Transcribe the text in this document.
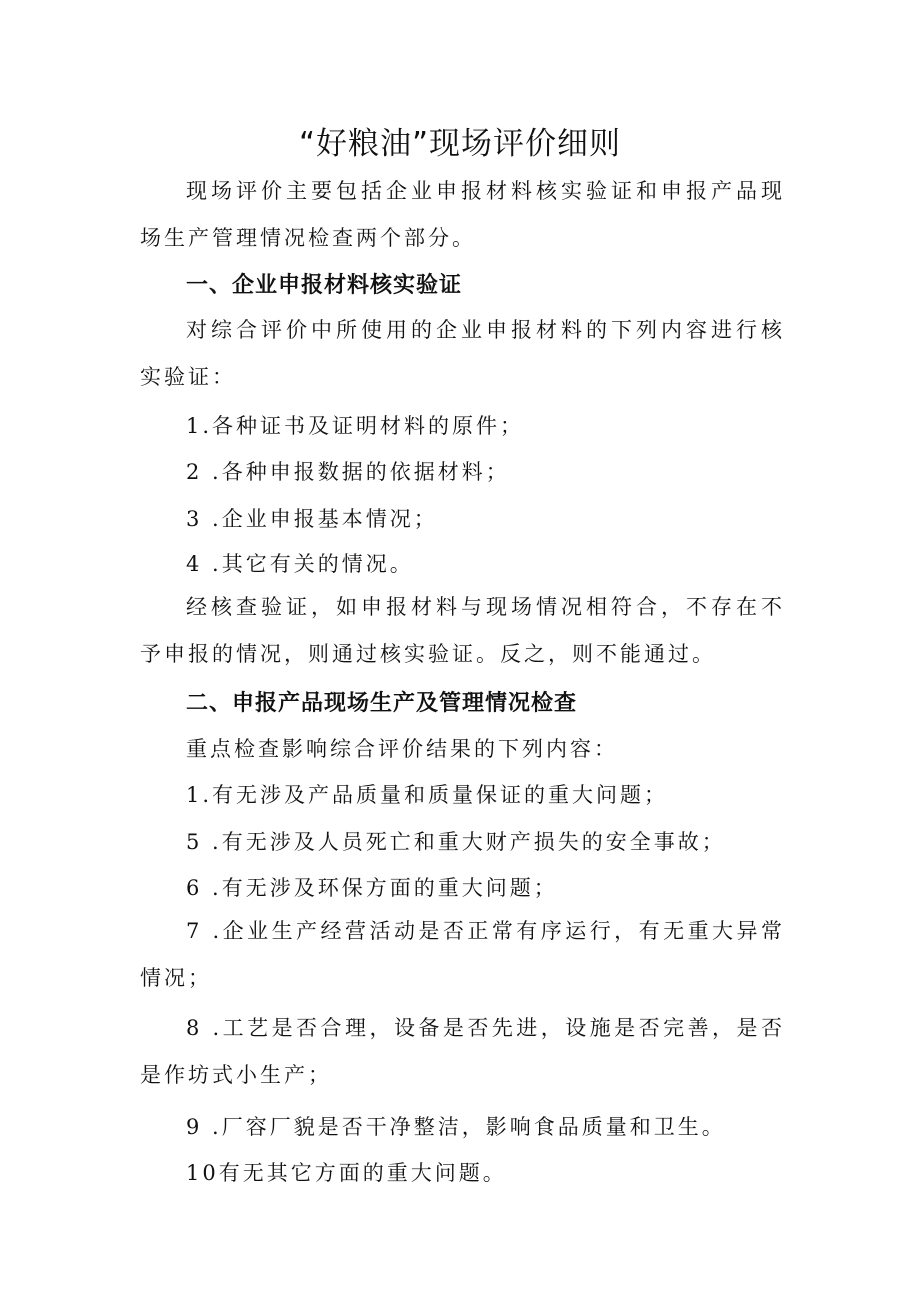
“好粮油”现场评价细则

现场评价主要包括企业申报材料核实验证和申报产品现场生产管理情况检查两个部分。

一、企业申报材料核实验证

对综合评价中所使用的企业申报材料的下列内容进行核实验证：

1.各种证书及证明材料的原件；
2 .各种申报数据的依据材料；
3 .企业申报基本情况；
4 .其它有关的情况。

经核查验证，如申报材料与现场情况相符合，不存在不予申报的情况，则通过核实验证。反之，则不能通过。

二、申报产品现场生产及管理情况检查
重点检查影响综合评价结果的下列内容：
1.有无涉及产品质量和质量保证的重大问题；
5 .有无涉及人员死亡和重大财产损失的安全事故；
6 .有无涉及环保方面的重大问题；

7 .企业生产经营活动是否正常有序运行，有无重大异常情况；

8 .工艺是否合理，设备是否先进，设施是否完善，是否是作坊式小生产；

9 .厂容厂貌是否干净整洁，影响食品质量和卫生。
10有无其它方面的重大问题。
